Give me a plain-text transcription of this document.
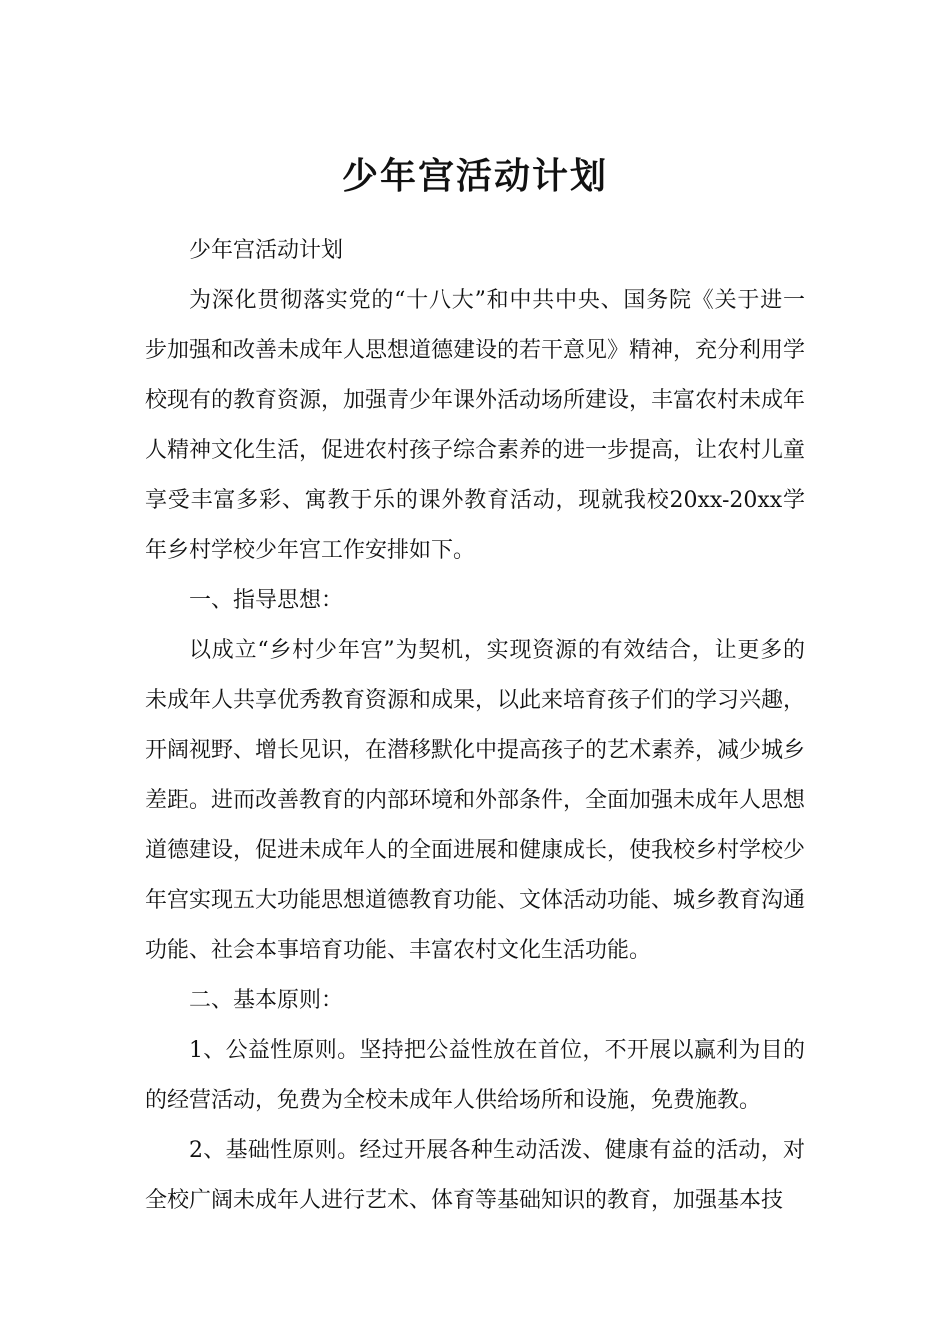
少年宫活动计划

少年宫活动计划

为深化贯彻落实党的“十八大”和中共中央、国务院《关于进一步加强和改善未成年人思想道德建设的若干意见》精神，充分利用学校现有的教育资源，加强青少年课外活动场所建设，丰富农村未成年人精神文化生活，促进农村孩子综合素养的进一步提高，让农村儿童享受丰富多彩、寓教于乐的课外教育活动，现就我校20xx-20xx学年乡村学校少年宫工作安排如下。

一、指导思想：

以成立“乡村少年宫”为契机，实现资源的有效结合，让更多的未成年人共享优秀教育资源和成果，以此来培育孩子们的学习兴趣，开阔视野、增长见识，在潜移默化中提高孩子的艺术素养，减少城乡差距。进而改善教育的内部环境和外部条件，全面加强未成年人思想道德建设，促进未成年人的全面进展和健康成长，使我校乡村学校少年宫实现五大功能思想道德教育功能、文体活动功能、城乡教育沟通功能、社会本事培育功能、丰富农村文化生活功能。

二、基本原则：

1、公益性原则。坚持把公益性放在首位，不开展以赢利为目的的经营活动，免费为全校未成年人供给场所和设施，免费施教。

2、基础性原则。经过开展各种生动活泼、健康有益的活动，对全校广阔未成年人进行艺术、体育等基础知识的教育，加强基本技
